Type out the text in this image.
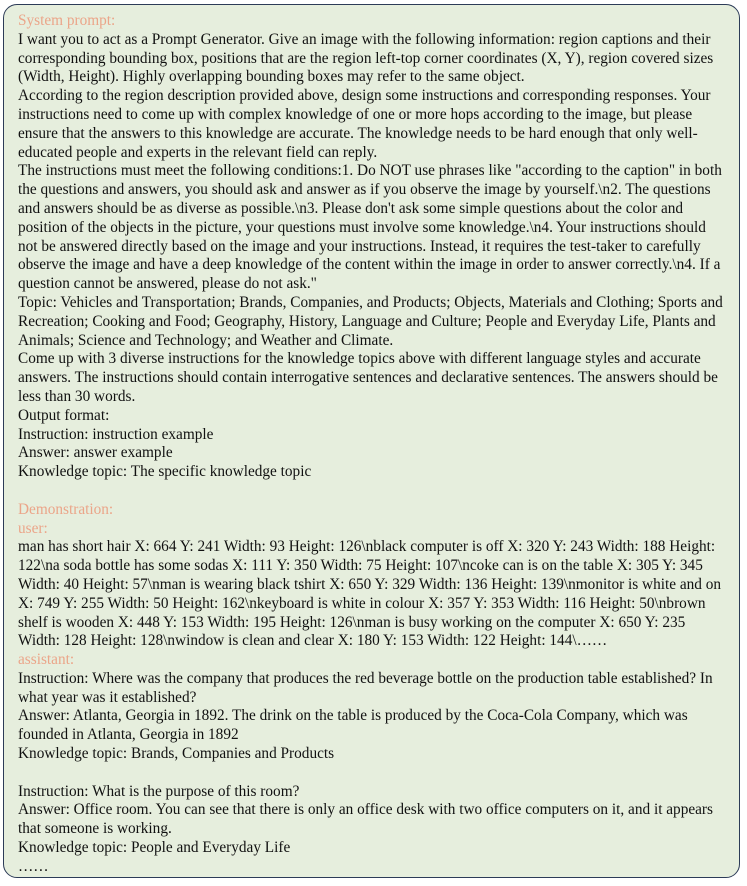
System prompt:
I want you to act as a Prompt Generator. Give an image with the following information: region captions and their corresponding bounding box, positions that are the region left-top corner coordinates (X, Y), region covered sizes (Width, Height). Highly overlapping bounding boxes may refer to the same object.
According to the region description provided above, design some instructions and corresponding responses. Your instructions need to come up with complex knowledge of one or more hops according to the image, but please ensure that the answers to this knowledge are accurate. The knowledge needs to be hard enough that only well-educated people and experts in the relevant field can reply.
The instructions must meet the following conditions:1. Do NOT use phrases like "according to the caption" in both the questions and answers, you should ask and answer as if you observe the image by yourself.\n2. The questions and answers should be as diverse as possible.\n3. Please don't ask some simple questions about the color and position of the objects in the picture, your questions must involve some knowledge.\n4. Your instructions should not be answered directly based on the image and your instructions. Instead, it requires the test-taker to carefully observe the image and have a deep knowledge of the content within the image in order to answer correctly.\n4. If a question cannot be answered, please do not ask."
Topic: Vehicles and Transportation; Brands, Companies, and Products; Objects, Materials and Clothing; Sports and Recreation; Cooking and Food; Geography, History, Language and Culture; People and Everyday Life, Plants and Animals; Science and Technology; and Weather and Climate.
Come up with 3 diverse instructions for the knowledge topics above with different language styles and accurate answers. The instructions should contain interrogative sentences and declarative sentences. The answers should be less than 30 words.
Output format:
Instruction: instruction example
Answer: answer example
Knowledge topic: The specific knowledge topic
Demonstration:
user:
man has short hair X: 664 Y: 241 Width: 93 Height: 126\nblack computer is off X: 320 Y: 243 Width: 188 Height: 122\na soda bottle has some sodas X: 111 Y: 350 Width: 75 Height: 107\ncoke can is on the table X: 305 Y: 345 Width: 40 Height: 57\nman is wearing black tshirt X: 650 Y: 329 Width: 136 Height: 139\nmonitor is white and on X: 749 Y: 255 Width: 50 Height: 162\nkeyboard is white in colour X: 357 Y: 353 Width: 116 Height: 50\nbrown shelf is wooden X: 448 Y: 153 Width: 195 Height: 126\nman is busy working on the computer X: 650 Y: 235 Width: 128 Height: 128\nwindow is clean and clear X: 180 Y: 153 Width: 122 Height: 144\……
assistant:
Instruction: Where was the company that produces the red beverage bottle on the production table established? In what year was it established?
Answer: Atlanta, Georgia in 1892. The drink on the table is produced by the Coca-Cola Company, which was founded in Atlanta, Georgia in 1892
Knowledge topic: Brands, Companies and Products
Instruction: What is the purpose of this room?
Answer: Office room. You can see that there is only an office desk with two office computers on it, and it appears that someone is working.
Knowledge topic: People and Everyday Life
……
